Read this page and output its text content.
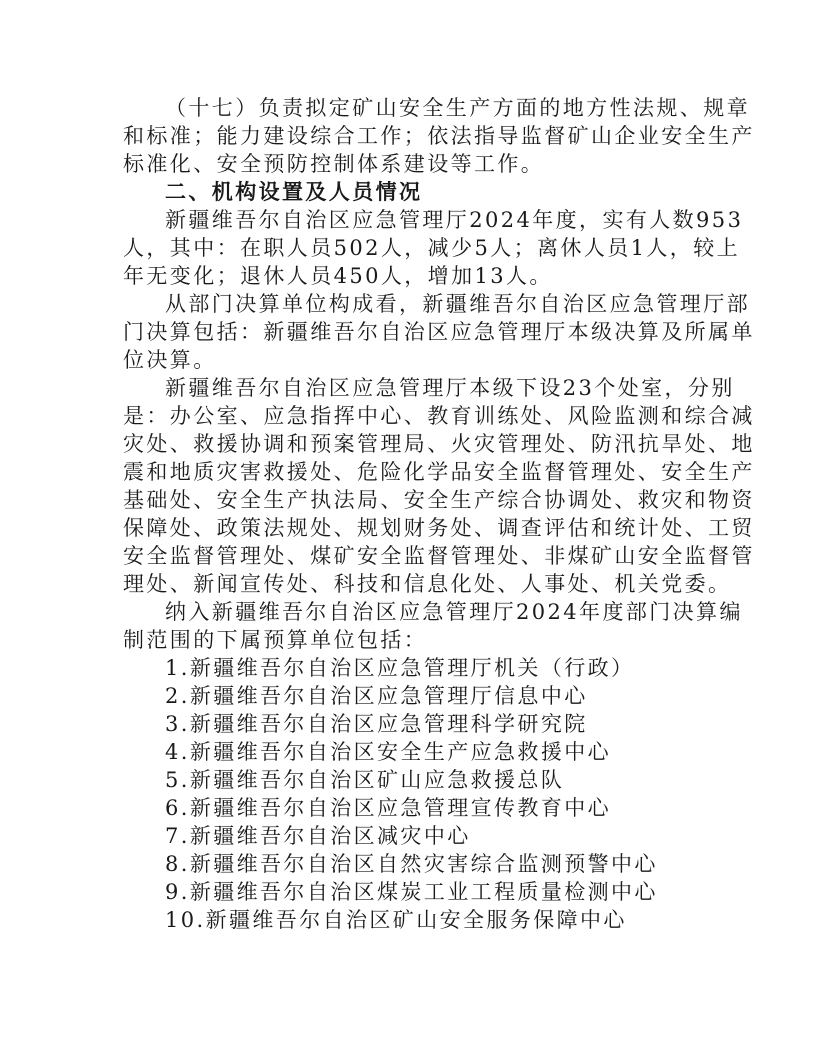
（十七）负责拟定矿山安全生产方面的地方性法规、规章
和标准；能力建设综合工作；依法指导监督矿山企业安全生产
标准化、安全预防控制体系建设等工作。
二、机构设置及人员情况
新疆维吾尔自治区应急管理厅2024年度，实有人数953
人，其中：在职人员502人，减少5人；离休人员1人，较上
年无变化；退休人员450人，增加13人。
从部门决算单位构成看，新疆维吾尔自治区应急管理厅部
门决算包括：新疆维吾尔自治区应急管理厅本级决算及所属单
位决算。
新疆维吾尔自治区应急管理厅本级下设23个处室，分别
是：办公室、应急指挥中心、教育训练处、风险监测和综合减
灾处、救援协调和预案管理局、火灾管理处、防汛抗旱处、地
震和地质灾害救援处、危险化学品安全监督管理处、安全生产
基础处、安全生产执法局、安全生产综合协调处、救灾和物资
保障处、政策法规处、规划财务处、调查评估和统计处、工贸
安全监督管理处、煤矿安全监督管理处、非煤矿山安全监督管
理处、新闻宣传处、科技和信息化处、人事处、机关党委。
纳入新疆维吾尔自治区应急管理厅2024年度部门决算编
制范围的下属预算单位包括：
1.新疆维吾尔自治区应急管理厅机关（行政）
2.新疆维吾尔自治区应急管理厅信息中心
3.新疆维吾尔自治区应急管理科学研究院
4.新疆维吾尔自治区安全生产应急救援中心
5.新疆维吾尔自治区矿山应急救援总队
6.新疆维吾尔自治区应急管理宣传教育中心
7.新疆维吾尔自治区减灾中心
8.新疆维吾尔自治区自然灾害综合监测预警中心
9.新疆维吾尔自治区煤炭工业工程质量检测中心
10.新疆维吾尔自治区矿山安全服务保障中心
